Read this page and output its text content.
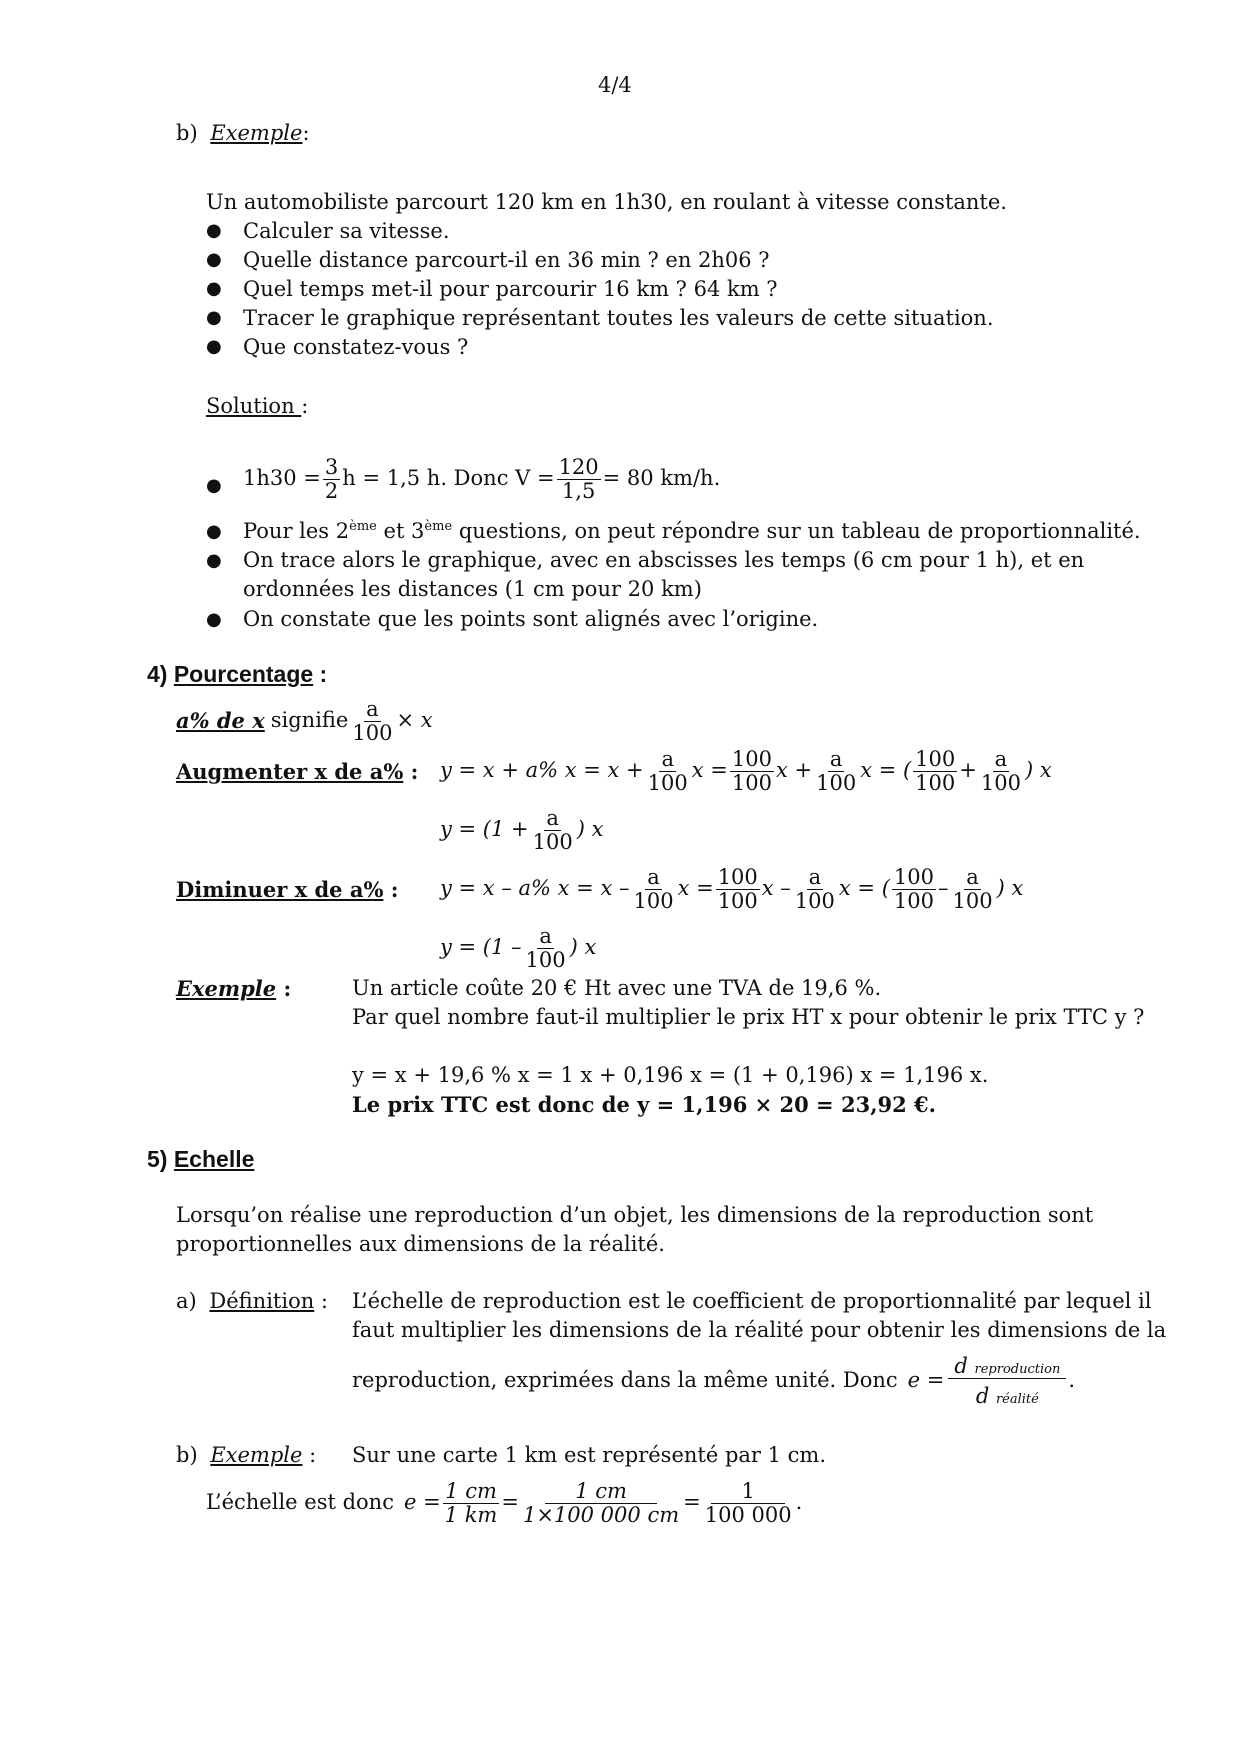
4/4
b) Exemple:
Un automobiliste parcourt 120 km en 1h30, en roulant à vitesse constante.
● Calculer sa vitesse.
● Quelle distance parcourt-il en 36 min ? en 2h06 ?
● Quel temps met-il pour parcourir 16 km ? 64 km ?
● Tracer le graphique représentant toutes les valeurs de cette situation.
● Que constatez-vous ?
Solution :
● $1h30 = \frac{3}{2}$ h = 1,5 h. Donc $V = \frac{120}{1,5} = 80$ km/h.
● Pour les 2ème et 3ème questions, on peut répondre sur un tableau de proportionnalité.
● On trace alors le graphique, avec en abscisses les temps (6 cm pour 1 h), et en
ordonnées les distances (1 cm pour 20 km)
● On constate que les points sont alignés avec l’origine.
4) Pourcentage :
a% de x signifie $\frac{a}{100} \times x$
Augmenter x de a% : y = x + a% $x = x + \frac{a}{100}$ $x = \frac{100}{100}$ $x + \frac{a}{100}$ x = ( $\frac{100}{100} + \frac{a}{100}$ ) x
$y = (1 + \frac{a}{100}$ ) x
Diminuer x de a% : y = x – a% $x = x - \frac{a}{100}$ $x = \frac{100}{100}$ x – $\frac{a}{100}$ x = ( $\frac{100}{100} - \frac{a}{100}$ ) x
$y = (1 - \frac{a}{100}$ ) x
Exemple :	Un article coûte 20 € Ht avec une TVA de 19,6 %.
Par quel nombre faut-il multiplier le prix HT x pour obtenir le prix TTC y ?
y = x + 19,6 % x = 1 x + 0,196 x = (1 + 0,196) x = 1,196 x.
Le prix TTC est donc de y = 1,196 × 20 = 23,92 €.
5) Echelle
Lorsqu’on réalise une reproduction d’un objet, les dimensions de la reproduction sont
proportionnelles aux dimensions de la réalité.
a) Définition : L’échelle de reproduction est le coefficient de proportionnalité par lequel il
faut multiplier les dimensions de la réalité pour obtenir les dimensions de la
reproduction, exprimées dans la même unité. Donc $e = \frac{\text{d reproduction}}{\text{d réalité}}$ .
b) Exemple : Sur une carte 1 km est représenté par 1 cm.
L’échelle est donc $e = \frac{1 cm}{1 km} = \frac{1 cm}{1\times 100 000 cm} = \frac{1}{100 000}$ .
